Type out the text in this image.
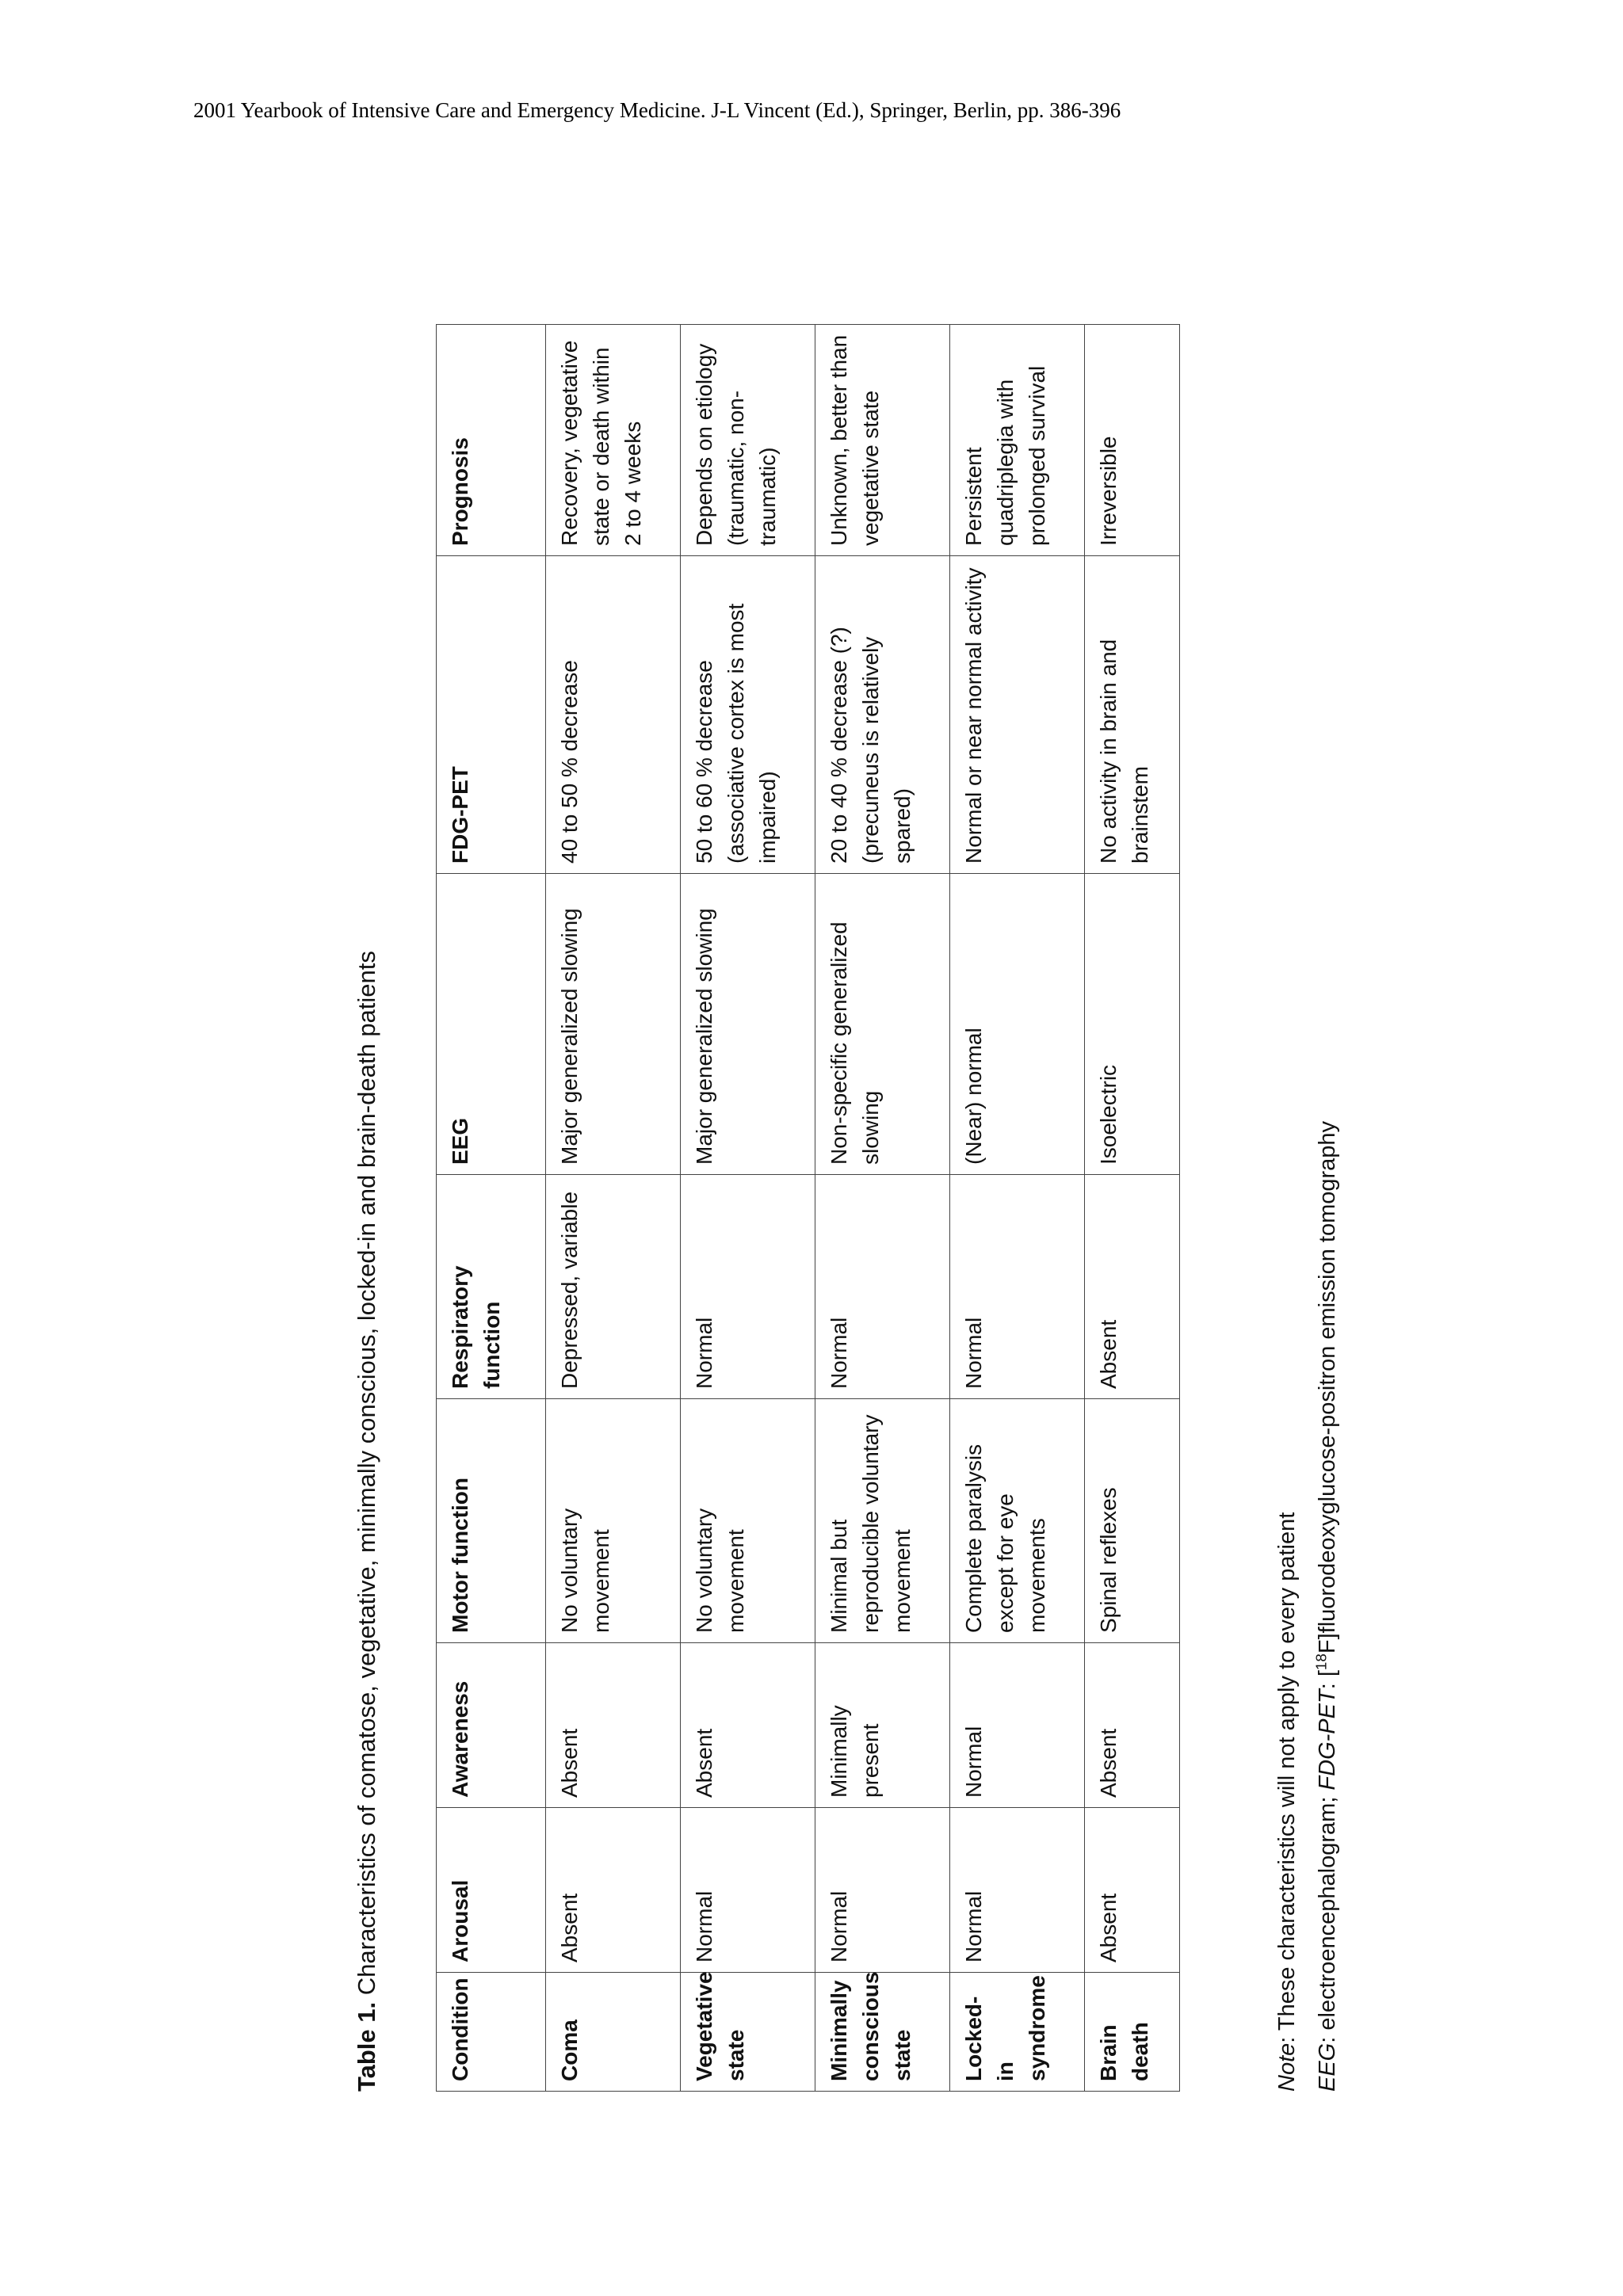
2001 Yearbook of Intensive Care and Emergency Medicine. J-L Vincent (Ed.), Springer, Berlin, pp. 386-396
Table 1. Characteristics of comatose, vegetative, minimally conscious, locked-in and brain-death patients
Condition	Arousal	Awareness	Motor function	Respiratory function	EEG	FDG-PET	Prognosis
Coma	Absent	Absent	No voluntary movement	Depressed, variable	Major generalized slowing	40 to 50 % decrease	Recovery, vegetative state or death within 2 to 4 weeks
Vegetative state	Normal	Absent	No voluntary movement	Normal	Major generalized slowing	50 to 60 % decrease (associative cortex is most impaired)	Depends on etiology (traumatic, non-traumatic)
Minimally conscious state	Normal	Minimally present	Minimal but reproducible voluntary movement	Normal	Non-specific generalized slowing	20 to 40 % decrease (?) (precuneus is relatively spared)	Unknown, better than vegetative state
Locked-in syndrome	Normal	Normal	Complete paralysis except for eye movements	Normal	(Near) normal	Normal or near normal activity	Persistent quadriplegia with prolonged survival
Brain death	Absent	Absent	Spinal reflexes	Absent	Isoelectric	No activity in brain and brainstem	Irreversible
Note: These characteristics will not apply to every patient
EEG: electroencephalogram; FDG-PET: [$^{18}$F]fluorodeoxyglucose-positron emission tomography
